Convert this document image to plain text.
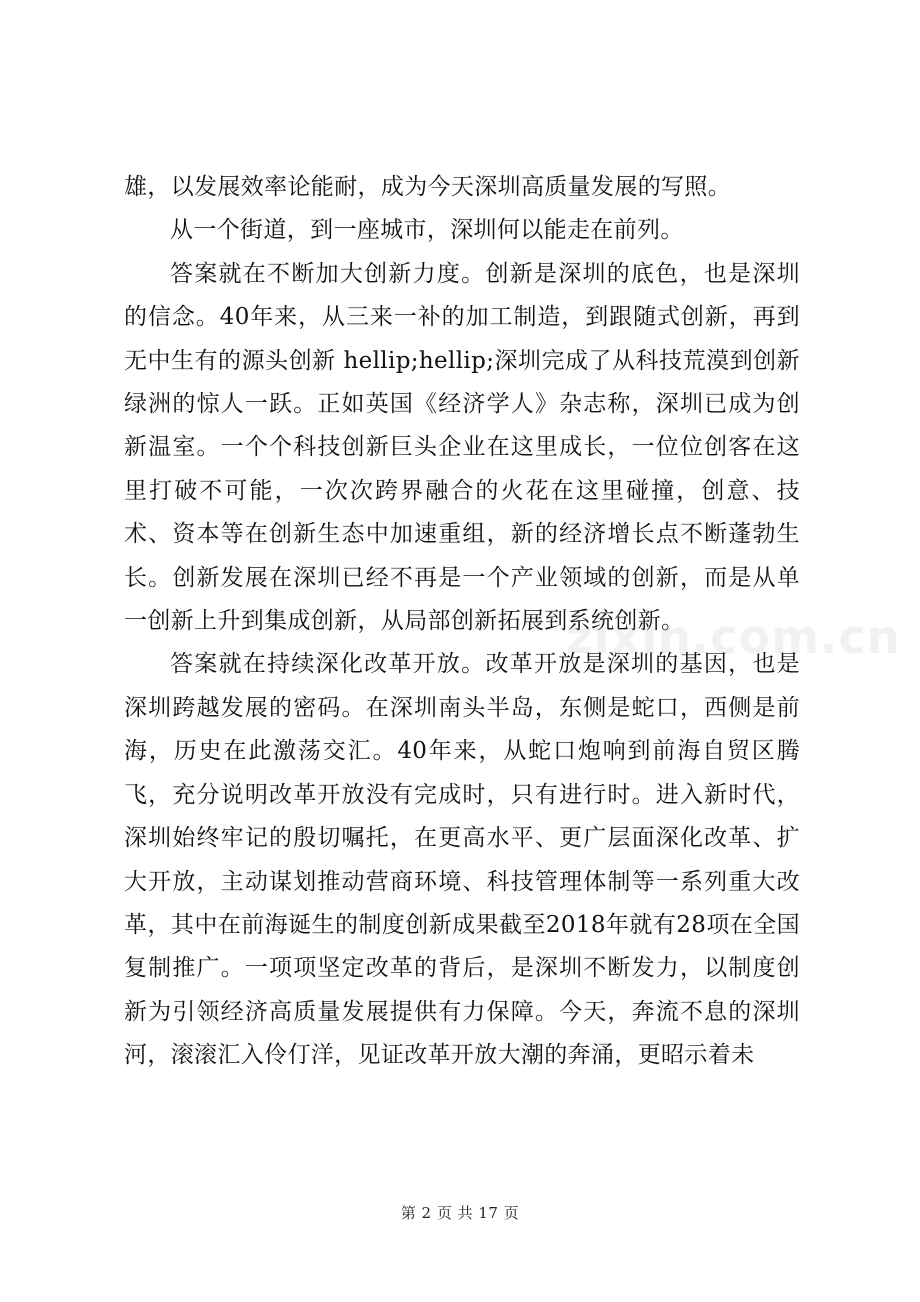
雄，以发展效率论能耐，成为今天深圳高质量发展的写照。

从一个街道，到一座城市，深圳何以能走在前列。

答案就在不断加大创新力度。创新是深圳的底色，也是深圳的信念。40年来，从三来一补的加工制造，到跟随式创新，再到无中生有的源头创新 hellip;hellip;深圳完成了从科技荒漠到创新绿洲的惊人一跃。正如英国《经济学人》杂志称，深圳已成为创新温室。一个个科技创新巨头企业在这里成长，一位位创客在这里打破不可能，一次次跨界融合的火花在这里碰撞，创意、技术、资本等在创新生态中加速重组，新的经济增长点不断蓬勃生长。创新发展在深圳已经不再是一个产业领域的创新，而是从单一创新上升到集成创新，从局部创新拓展到系统创新。

答案就在持续深化改革开放。改革开放是深圳的基因，也是深圳跨越发展的密码。在深圳南头半岛，东侧是蛇口，西侧是前海，历史在此激荡交汇。40年来，从蛇口炮响到前海自贸区腾飞，充分说明改革开放没有完成时，只有进行时。进入新时代，深圳始终牢记的殷切嘱托，在更高水平、更广层面深化改革、扩大开放，主动谋划推动营商环境、科技管理体制等一系列重大改革，其中在前海诞生的制度创新成果截至2018年就有28项在全国复制推广。一项项坚定改革的背后，是深圳不断发力，以制度创新为引领经济高质量发展提供有力保障。今天，奔流不息的深圳河，滚滚汇入伶仃洋，见证改革开放大潮的奔涌，更昭示着未

zixin.com.cn
第 2 页 共 17 页
